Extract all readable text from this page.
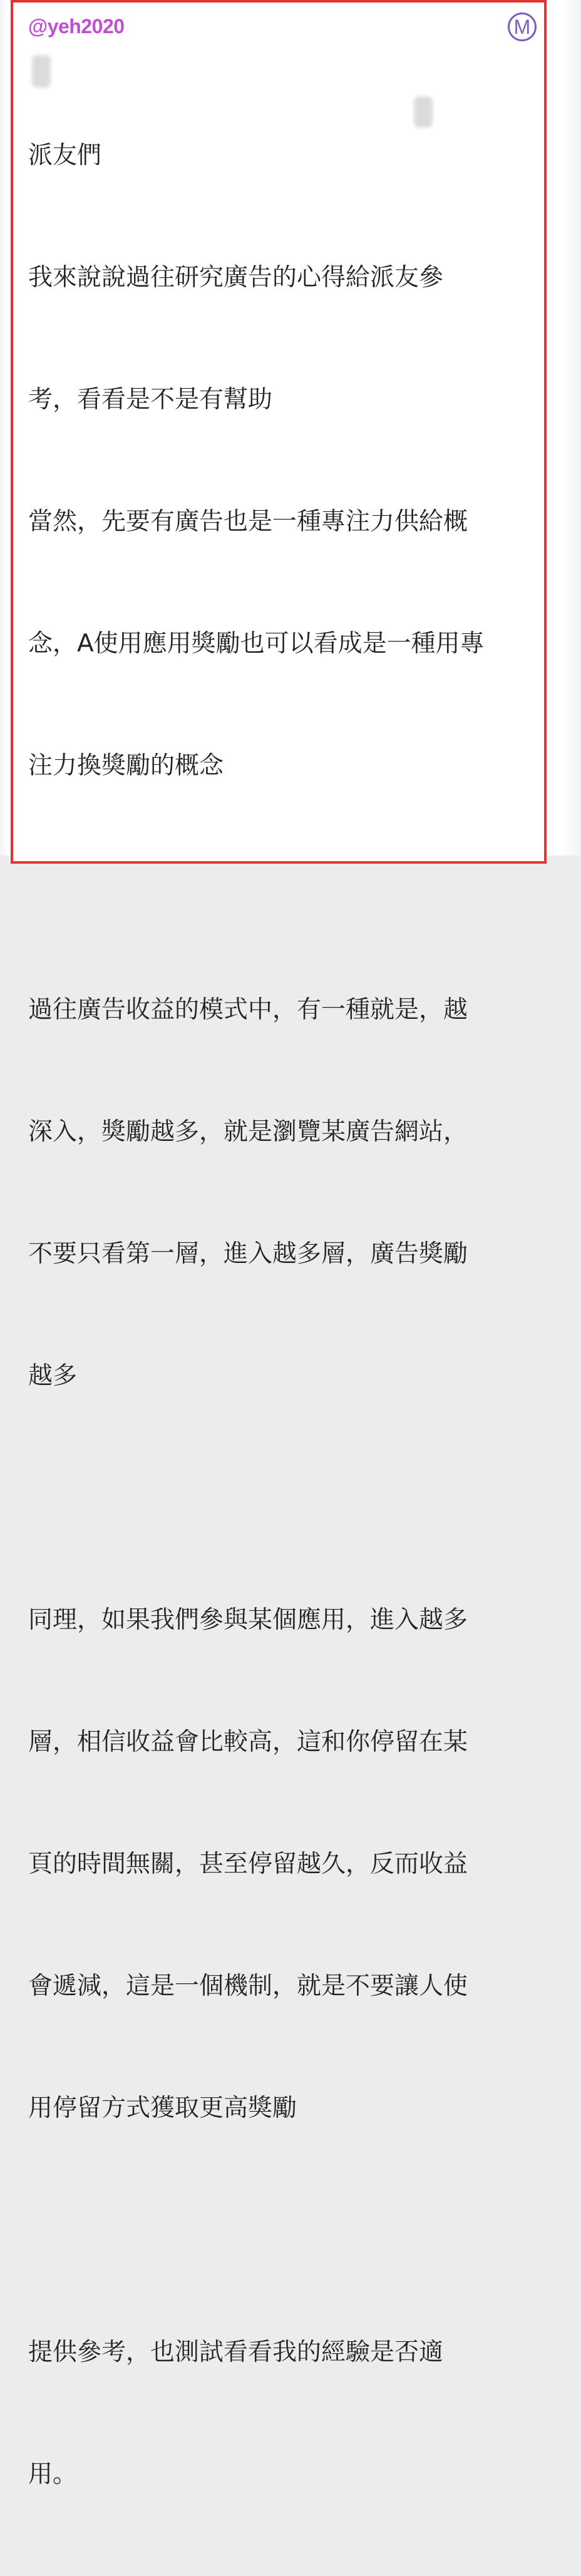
@yeh2020	M

派友們

我來說說過往研究廣告的心得給派友參

考，看看是不是有幫助

當然，先要有廣告也是一種專注力供給概

念，A使用應用獎勵也可以看成是一種用專

注力換獎勵的概念

過往廣告收益的模式中，有一種就是，越

深入，獎勵越多，就是瀏覽某廣告網站，

不要只看第一層，進入越多層，廣告獎勵

越多

同理，如果我們參與某個應用，進入越多

層，相信收益會比較高，這和你停留在某

頁的時間無關，甚至停留越久，反而收益

會遞減，這是一個機制，就是不要讓人使

用停留方式獲取更高獎勵

提供參考，也測試看看我的經驗是否適

用。
